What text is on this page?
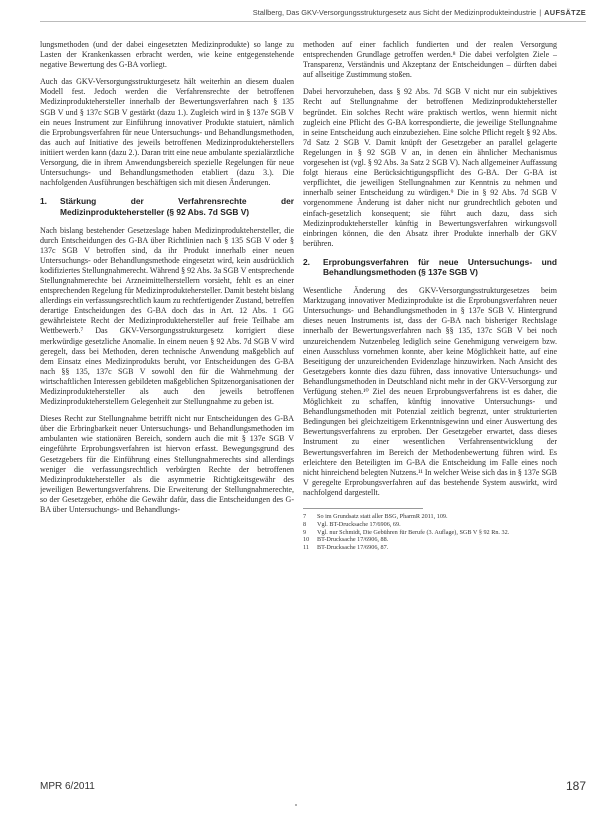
Stallberg, Das GKV-Versorgungsstrukturgesetz aus Sicht der Medizinprodukteindustrie | AUFSÄTZE

lungsmethoden (und der dabei eingesetzten Medizinprodukte) so lange zu Lasten der Krankenkassen erbracht werden, wie keine entgegenstehende negative Bewertung des G-BA vorliegt.

Auch das GKV-Versorgungsstrukturgesetz hält weiterhin an diesem dualen Modell fest. Jedoch werden die Verfahrensrechte der betroffenen Medizinproduktehersteller innerhalb der Bewertungsverfahren nach § 135 SGB V und § 137c SGB V gestärkt (dazu 1.). Zugleich wird in § 137e SGB V ein neues Instrument zur Einführung innovativer Produkte statuiert, nämlich die Erprobungsverfahren für neue Untersuchungs- und Behandlungsmethoden, das auch auf Initiative des jeweils betroffenen Medizinprodukteherstellers initiiert werden kann (dazu 2.). Daran tritt eine neue ambulante spezialärztliche Versorgung, die in ihrem Anwendungsbereich spezielle Regelungen für neue Untersuchungs- und Behandlungsmethoden etabliert (dazu 3.). Die nachfolgenden Ausführungen beschäftigen sich mit diesen Änderungen.

1.	Stärkung der Verfahrensrechte der Medizinproduktehersteller (§ 92 Abs. 7d SGB V)

Nach bislang bestehender Gesetzeslage haben Medizinproduktehersteller, die durch Entscheidungen des G-BA über Richtlinien nach § 135 SGB V oder § 137c SGB V betroffen sind, da ihr Produkt innerhalb einer neuen Untersuchungs- oder Behandlungsmethode eingesetzt wird, kein ausdrücklich kodifiziertes Stellungnahmerecht. Während § 92 Abs. 3a SGB V entsprechende Stellungnahmerechte bei Arzneimittelherstellern vorsieht, fehlt es an einer entsprechenden Regelung für Medizinproduktehersteller. Damit besteht bislang allerdings ein verfassungsrechtlich kaum zu rechtfertigender Zustand, betreffen derartige Entscheidungen des G-BA doch das in Art. 12 Abs. 1 GG gewährleistete Recht der Medizinproduktehersteller auf freie Teilhabe am Wettbewerb.⁷ Das GKV-Versorgungsstrukturgesetz korrigiert diese merkwürdige gesetzliche Anomalie. In einem neuen § 92 Abs. 7d SGB V wird geregelt, dass bei Methoden, deren technische Anwendung maßgeblich auf dem Einsatz eines Medizinprodukts beruht, vor Entscheidungen des G-BA nach §§ 135, 137c SGB V sowohl den für die Wahrnehmung der wirtschaftlichen Interessen gebildeten maßgeblichen Spitzenorganisationen der Medizinproduktehersteller als auch den jeweils betroffenen Medizinprodukteherstellern Gelegenheit zur Stellungnahme zu geben ist.

Dieses Recht zur Stellungnahme betrifft nicht nur Entscheidungen des G-BA über die Erbringbarkeit neuer Untersuchungs- und Behandlungsmethoden im ambulanten wie stationären Bereich, sondern auch die mit § 137e SGB V eingeführte Erprobungsverfahren ist hiervon erfasst. Bewegungsgrund des Gesetzgebers für die Einführung eines Stellungnahmerechts sind allerdings weniger die verfassungsrechtlich verbürgten Rechte der betroffenen Medizinproduktehersteller als die asymmetrie Richtigkeitsgewähr des jeweiligen Bewertungsverfahrens. Die Erweiterung der Stellungnahmerechte, so der Gesetzgeber, erhöhe die Gewähr dafür, dass die Entscheidungen des G-BA über Untersuchungs- und Behandlungs-

methoden auf einer fachlich fundierten und der realen Versorgung entsprechenden Grundlage getroffen werden.⁸ Die dabei verfolgten Ziele – Transparenz, Verständnis und Akzeptanz der Entscheidungen – dürften dabei auf allseitige Zustimmung stoßen.

Dabei hervorzuheben, dass § 92 Abs. 7d SGB V nicht nur ein subjektives Recht auf Stellungnahme der betroffenen Medizinproduktehersteller begründet. Ein solches Recht wäre praktisch wertlos, wenn hiermit nicht zugleich eine Pflicht des G-BA korrespondierte, die jeweilige Stellungnahme in seine Entscheidung auch einzubeziehen. Eine solche Pflicht regelt § 92 Abs. 7d Satz 2 SGB V. Damit knüpft der Gesetzgeber an parallel gelagerte Regelungen in § 92 SGB V an, in denen ein ähnlicher Mechanismus vorgesehen ist (vgl. § 92 Abs. 3a Satz 2 SGB V). Nach allgemeiner Auffassung folgt hieraus eine Berücksichtigungspflicht des G-BA. Der G-BA ist verpflichtet, die jeweiligen Stellungnahmen zur Kenntnis zu nehmen und innerhalb seiner Entscheidung zu würdigen.⁹ Die in § 92 Abs. 7d SGB V vorgenommene Änderung ist daher nicht nur grundrechtlich geboten und einfach-gesetzlich konsequent; sie führt auch dazu, dass sich Medizinproduktehersteller künftig in Bewertungsverfahren wirkungsvoll einbringen können, die den Absatz ihrer Produkte innerhalb der GKV berühren.

2.	Erprobungsverfahren für neue Untersuchungs- und Behandlungsmethoden (§ 137e SGB V)

Wesentliche Änderung des GKV-Versorgungsstrukturgesetzes beim Marktzugang innovativer Medizinprodukte ist die Erprobungsverfahren neuer Untersuchungs- und Behandlungsmethoden in § 137e SGB V. Hintergrund dieses neuen Instruments ist, dass der G-BA nach bisheriger Rechtslage innerhalb der Bewertungsverfahren nach §§ 135, 137c SGB V bei noch unzureichendem Nutzenbeleg lediglich seine Genehmigung verweigern bzw. einen Ausschluss vornehmen konnte, aber keine Möglichkeit hatte, auf eine Beseitigung der unzureichenden Evidenzlage hinzuwirken. Nach Ansicht des Gesetzgebers konnte dies dazu führen, dass innovative Untersuchungs- und Behandlungsmethoden in Deutschland nicht mehr in der GKV-Versorgung zur Verfügung stehen.¹⁰ Ziel des neuen Erprobungsverfahrens ist es daher, die Möglichkeit zu schaffen, künftig innovative Untersuchungs- und Behandlungsmethoden mit Potenzial zeitlich begrenzt, unter strukturierten Bedingungen bei gleichzeitigem Erkenntnisgewinn und einer Auswertung des Bewertungsverfahrens zu erproben. Der Gesetzgeber erwartet, dass dieses Instrument zu einer wesentlichen Verfahrensentwicklung der Bewertungsverfahren im Bereich der Methodenbewertung führen wird. Es erleichtere den Beteiligten im G-BA die Entscheidung im Falle eines noch nicht hinreichend belegten Nutzens.¹¹ In welcher Weise sich das in § 137e SGB V geregelte Erprobungsverfahren auf das bestehende System auswirkt, wird nachfolgend dargestellt.

7	So im Grundsatz statt aller BSG, PharmR 2011, 109.
8	Vgl. BT-Drucksache 17/6906, 69.
9	Vgl. nur Schmidt, Die Gebühren für Berufe (3. Auflage), SGB V § 92 Rn. 32.
10	BT-Drucksache 17/6906, 88.
11	BT-Drucksache 17/6906, 87.
MPR 6/2011	187
